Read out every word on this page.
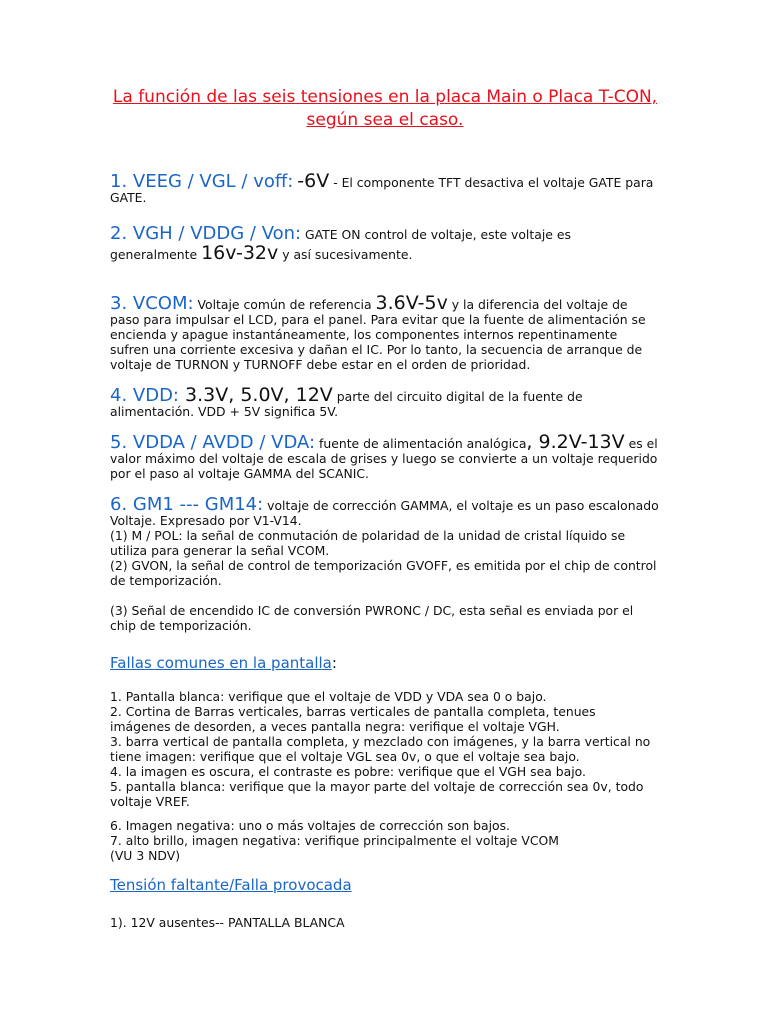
La función de las seis tensiones en la placa Main o Placa T-CON, según sea el caso.
1. VEEG / VGL / voff: -6V - El componente TFT desactiva el voltaje GATE para GATE.
2. VGH / VDDG / Von: GATE ON control de voltaje, este voltaje es generalmente 16v-32v y así sucesivamente.
3. VCOM: Voltaje común de referencia 3.6V-5v y la diferencia del voltaje de paso para impulsar el LCD, para el panel. Para evitar que la fuente de alimentación se encienda y apague instantáneamente, los componentes internos repentinamente sufren una corriente excesiva y dañan el IC. Por lo tanto, la secuencia de arranque de voltaje de TURNON y TURNOFF debe estar en el orden de prioridad.
4. VDD: 3.3V, 5.0V, 12V parte del circuito digital de la fuente de alimentación. VDD + 5V significa 5V.
5. VDDA / AVDD / VDA: fuente de alimentación analógica, 9.2V-13V es el valor máximo del voltaje de escala de grises y luego se convierte a un voltaje requerido por el paso al voltaje GAMMA del SCANIC.

6. GM1 --- GM14: voltaje de corrección GAMMA, el voltaje es un paso escalonado

Voltaje. Expresado por V1-V14.

(1) M / POL: la señal de conmutación de polaridad de la unidad de cristal líquido se utiliza para generar la señal VCOM.

(2) GVON, la señal de control de temporización GVOFF, es emitida por el chip de control de temporización.

(3) Señal de encendido IC de conversión PWRONC / DC, esta señal es enviada por el chip de temporización.

Fallas comunes en la pantalla:

1. Pantalla blanca: verifique que el voltaje de VDD y VDA sea 0 o bajo.

2. Cortina de Barras verticales, barras verticales de pantalla completa, tenues imágenes de desorden, a veces pantalla negra: verifique el voltaje VGH.

3. barra vertical de pantalla completa, y mezclado con imágenes, y la barra vertical no tiene imagen: verifique que el voltaje VGL sea 0v, o que el voltaje sea bajo.

4. la imagen es oscura, el contraste es pobre: verifique que el VGH sea bajo.

5. pantalla blanca: verifique que la mayor parte del voltaje de corrección sea 0v, todo voltaje VREF.

6. Imagen negativa: uno o más voltajes de corrección son bajos.

7. alto brillo, imagen negativa: verifique principalmente el voltaje VCOM

(VU 3 NDV)

Tensión faltante/Falla provocada

1). 12V ausentes-- PANTALLA BLANCA
